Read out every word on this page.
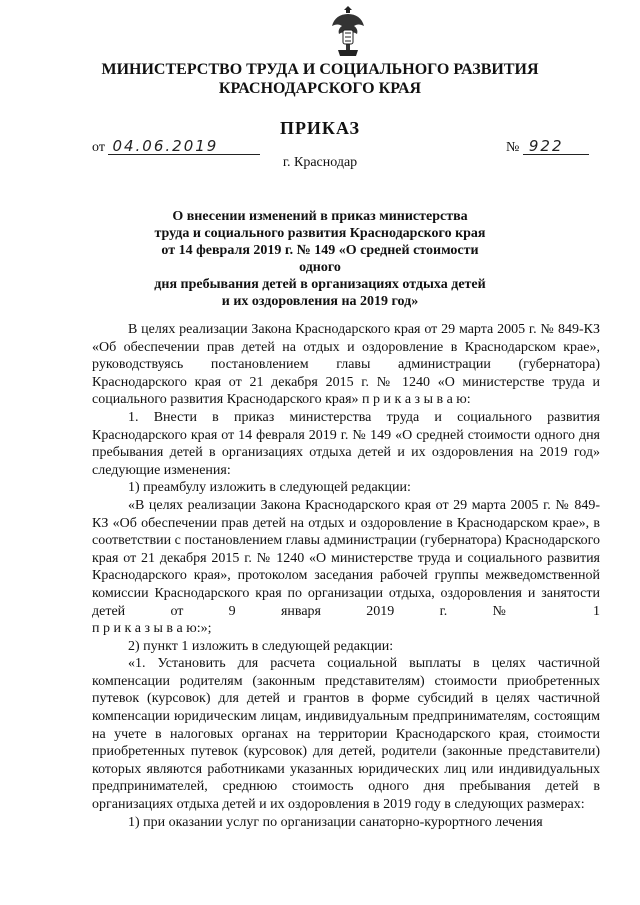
МИНИСТЕРСТВО ТРУДА И СОЦИАЛЬНОГО РАЗВИТИЯ
КРАСНОДАРСКОГО КРАЯ
ПРИКАЗ
от 04.06.2019	№ 922
г. Краснодар
О внесении изменений в приказ министерства
труда и социального развития Краснодарского края
от 14 февраля 2019 г. № 149 «О средней стоимости одного
дня пребывания детей в организациях отдыха детей
и их оздоровления на 2019 год»

В целях реализации Закона Краснодарского края от 29 марта 2005 г. № 849-КЗ «Об обеспечении прав детей на отдых и оздоровление в Краснодарском крае», руководствуясь постановлением главы администрации (губернатора) Краснодарского края от 21 декабря 2015 г. № 1240 «О министерстве труда и социального развития Краснодарского края» п р и к а з ы в а ю:

1. Внести в приказ министерства труда и социального развития Краснодарского края от 14 февраля 2019 г. № 149 «О средней стоимости одного дня пребывания детей в организациях отдыха детей и их оздоровления на 2019 год» следующие изменения:

1) преамбулу изложить в следующей редакции:

«В целях реализации Закона Краснодарского края от 29 марта 2005 г. № 849-КЗ «Об обеспечении прав детей на отдых и оздоровление в Краснодарском крае», в соответствии с постановлением главы администрации (губернатора) Краснодарского края от 21 декабря 2015 г. № 1240 «О министерстве труда и социального развития Краснодарского края», протоколом заседания рабочей группы межведомственной комиссии Краснодарского края по организации отдыха, оздоровления и занятости детей от 9 января 2019 г. № 1

п р и к а з ы в а ю:»;

2) пункт 1 изложить в следующей редакции:

«1. Установить для расчета социальной выплаты в целях частичной компенсации родителям (законным представителям) стоимости приобретенных путевок (курсовок) для детей и грантов в форме субсидий в целях частичной компенсации юридическим лицам, индивидуальным предпринимателям, состоящим на учете в налоговых органах на территории Краснодарского края, стоимости приобретенных путевок (курсовок) для детей, родители (законные представители) которых являются работниками указанных юридических лиц или индивидуальных предпринимателей, среднюю стоимость одного дня пребывания детей в организациях отдыха детей и их оздоровления в 2019 году в следующих размерах:

1) при оказании услуг по организации санаторно-курортного лечения
